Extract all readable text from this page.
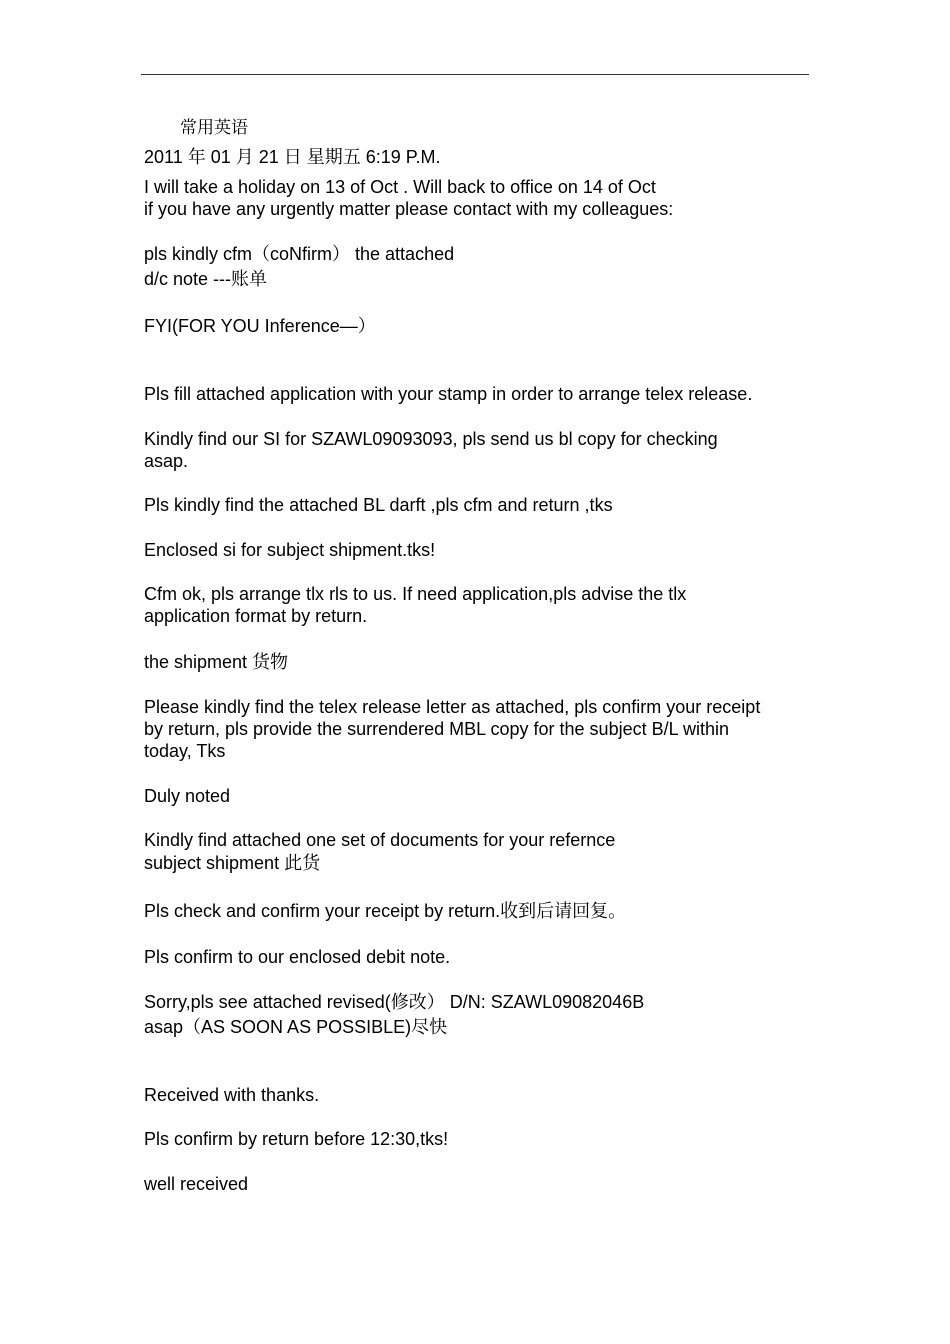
常用英语
2011 年 01 月 21 日 星期五 6:19 P.M.
I will take a holiday on 13 of Oct . Will back to office on 14 of Oct
if you have any urgently matter please contact with my colleagues:
pls kindly cfm（coNfirm） the attached
d/c note ---账单
FYI(FOR YOU Inference—）
Pls fill attached application with your stamp in order to arrange telex release.
Kindly find our SI for SZAWL09093093, pls send us bl copy for checking
asap.
Pls kindly find the attached BL darft ,pls cfm and return ,tks
Enclosed si for subject shipment.tks!
Cfm ok, pls arrange tlx rls to us. If need application,pls advise the tlx
application format by return.
the shipment 货物
Please kindly find the telex release letter as attached, pls confirm your receipt
by return, pls provide the surrendered MBL copy for the subject B/L within
today, Tks
Duly noted
Kindly find attached one set of documents for your refernce
subject shipment 此货
Pls check and confirm your receipt by return.收到后请回复。
Pls confirm to our enclosed debit note.
Sorry,pls see attached revised(修改） D/N: SZAWL09082046B
asap（AS SOON AS POSSIBLE)尽快
Received with thanks.
Pls confirm by return before 12:30,tks!
well received
